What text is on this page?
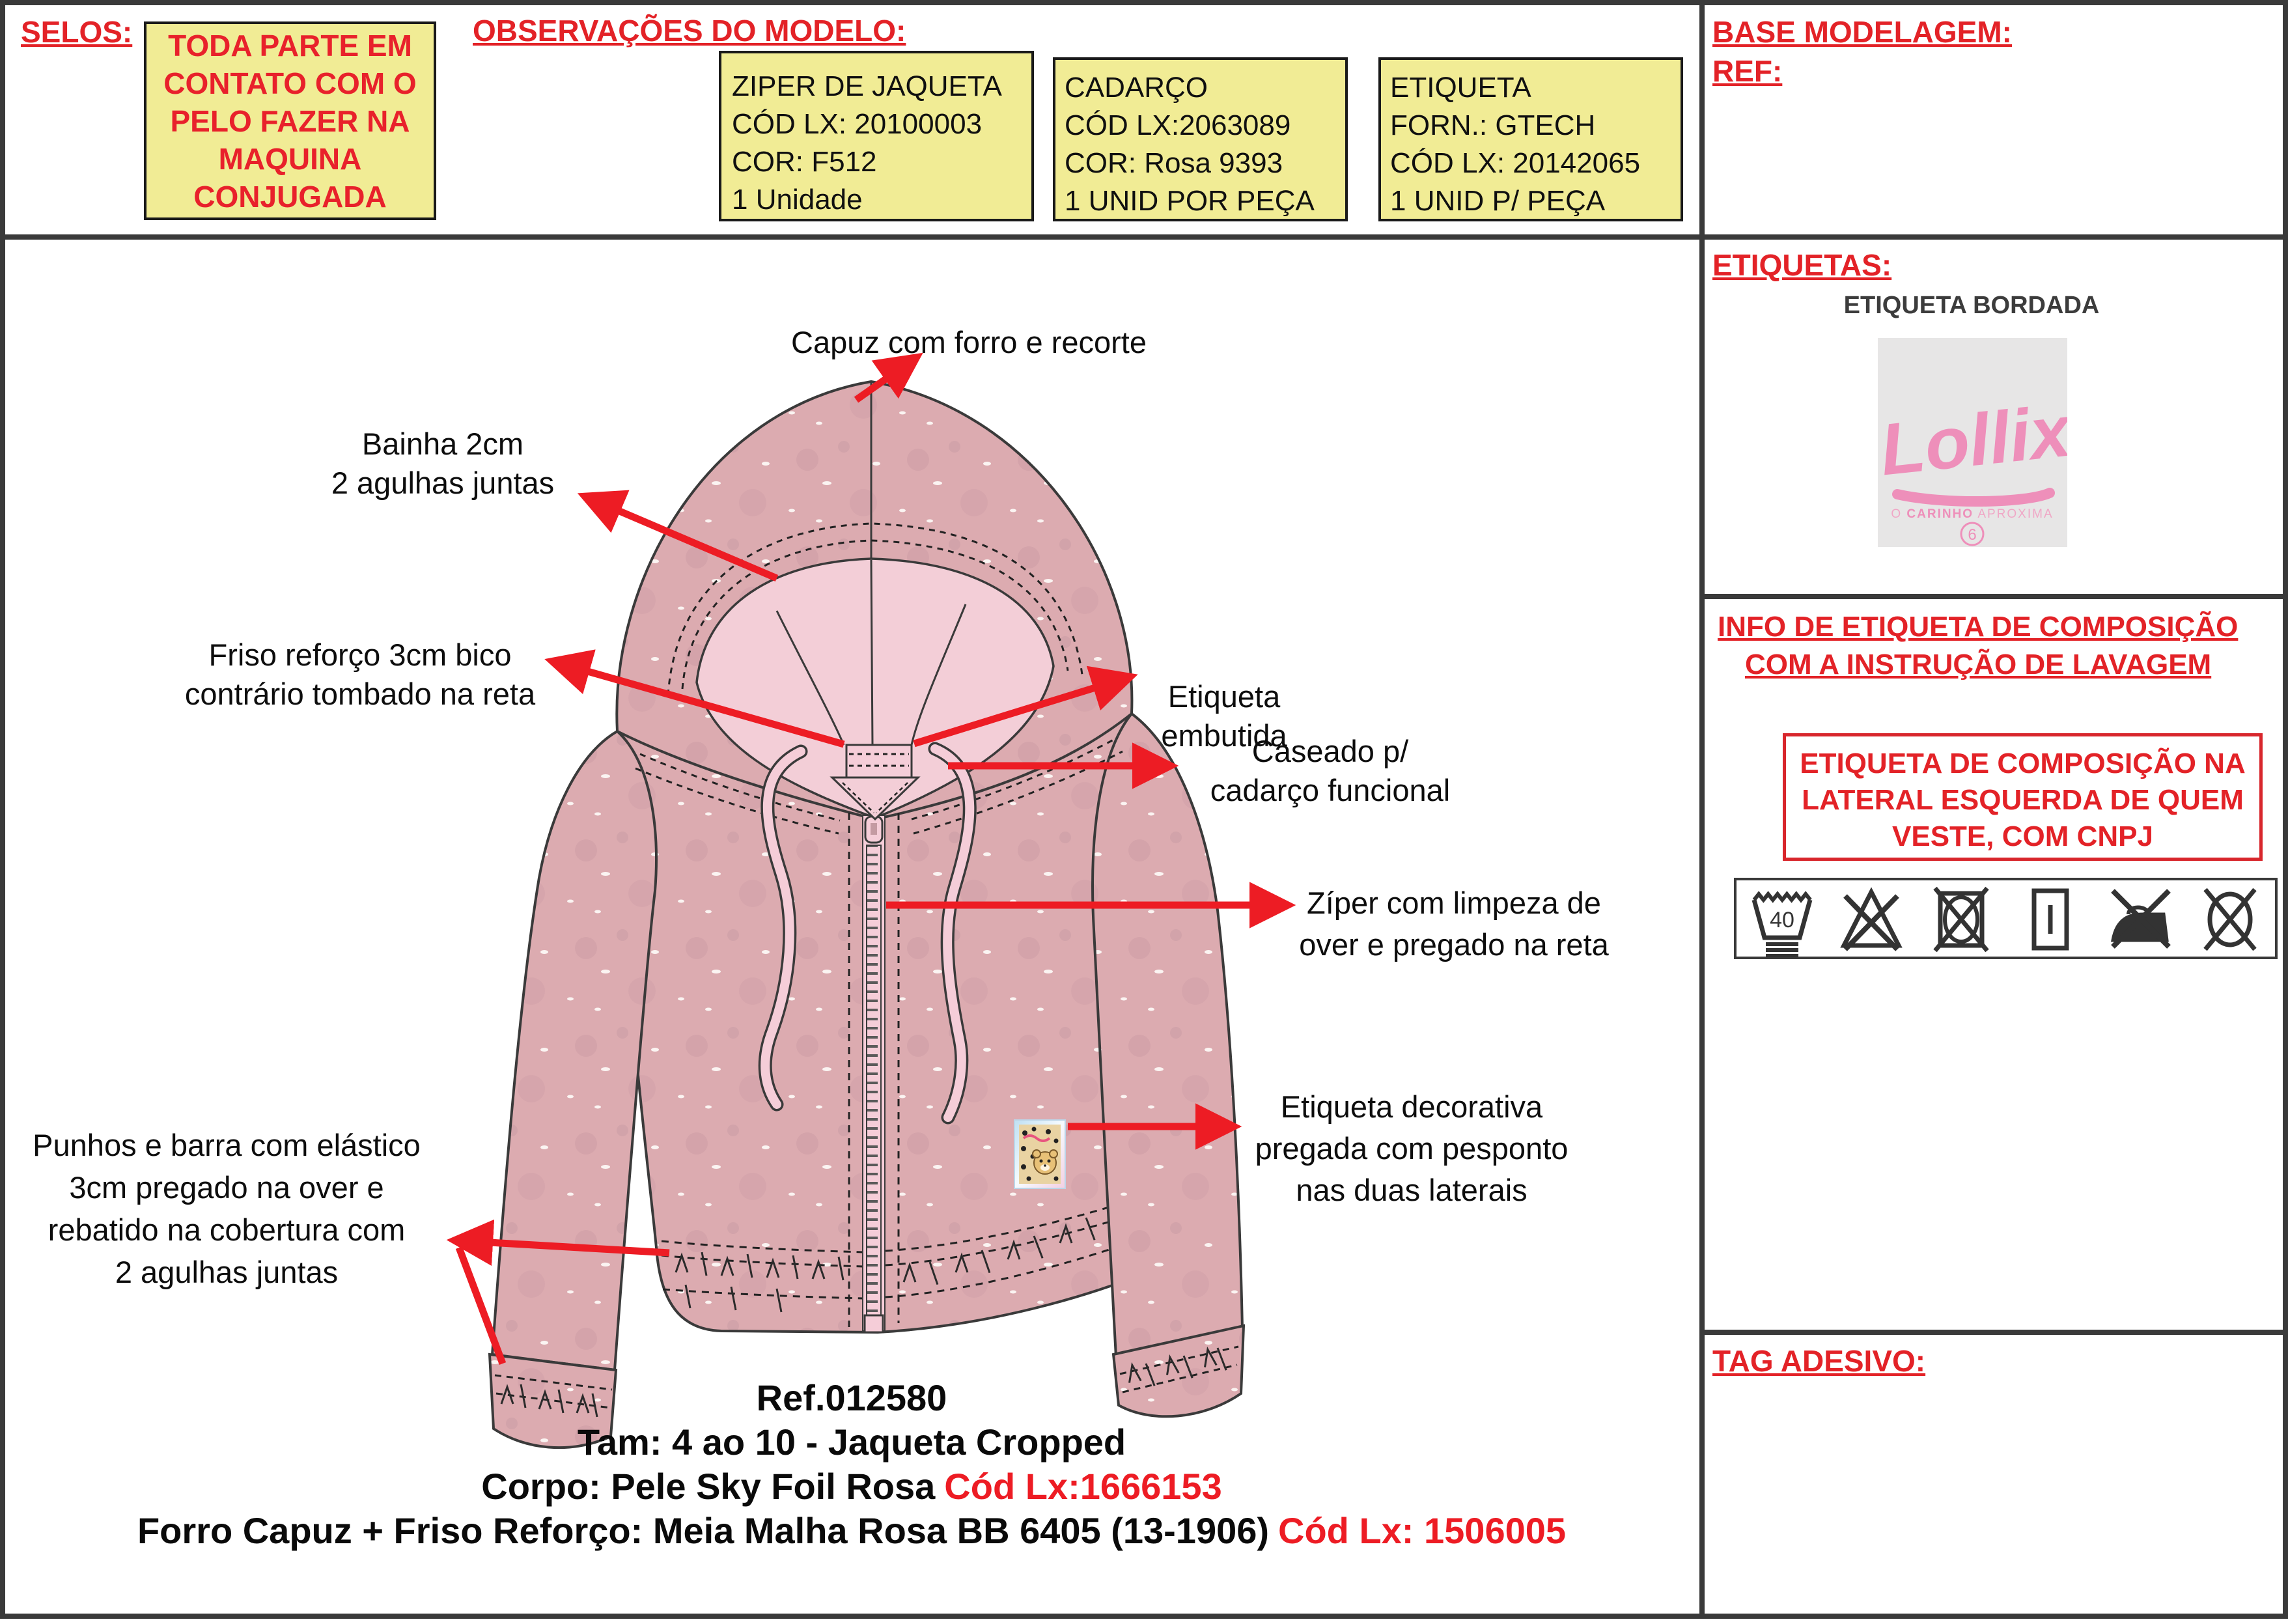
SELOS: TODA PARTE EM
CONTATO COM O
PELO FAZER NA
MAQUINA
CONJUGADA
OBSERVAÇÕES DO MODELO:
ZIPER DE JAQUETA
CÓD LX: 20100003
COR: F512
1 Unidade
CADARÇO
CÓD LX:2063089
COR: Rosa 9393
1 UNID POR PEÇA
ETIQUETA
FORN.: GTECH
CÓD LX: 20142065
1 UNID P/ PEÇA
BASE MODELAGEM:
REF:
ETIQUETAS:
ETIQUETA BORDADA
Lollix
O CARINHO APROXIMA
6
INFO DE ETIQUETA DE COMPOSIÇÃO
COM A INSTRUÇÃO DE LAVAGEM
ETIQUETA DE COMPOSIÇÃO NA
LATERAL ESQUERDA DE QUEM
VESTE, COM CNPJ
40
TAG ADESIVO:
Capuz com forro e recorte
Bainha 2cm
2 agulhas juntas
Friso reforço 3cm bico
contrário tombado na reta	Etiqueta
embutida
Caseado p/
cadarço funcional
Zíper com limpeza de
over e pregado na reta
Punhos e barra com elástico
3cm pregado na over e
rebatido na cobertura com
2 agulhas juntas
Etiqueta decorativa
pregada com pesponto
nas duas laterais
Ref.012580
Tam: 4 ao 10 - Jaqueta Cropped
Corpo: Pele Sky Foil Rosa Cód Lx:1666153
Forro Capuz + Friso Reforço: Meia Malha Rosa BB 6405 (13-1906) Cód Lx: 1506005
